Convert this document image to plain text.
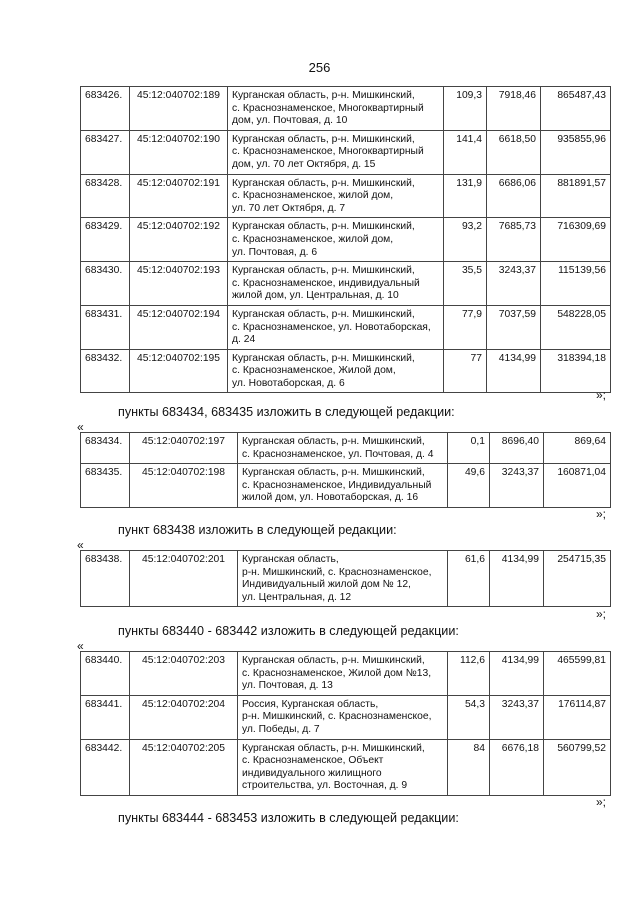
256
683426.	45:12:040702:189	Курганская область, р-н. Мишкинский,
с. Краснознаменское, Многоквартирный
дом, ул. Почтовая, д. 10	109,3	7918,46	865487,43
683427.	45:12:040702:190	Курганская область, р-н. Мишкинский,
с. Краснознаменское, Многоквартирный
дом, ул. 70 лет Октября, д. 15	141,4	6618,50	935855,96
683428.	45:12:040702:191	Курганская область, р-н. Мишкинский,
с. Краснознаменское, жилой дом,
ул. 70 лет Октября, д. 7	131,9	6686,06	881891,57
683429.	45:12:040702:192	Курганская область, р-н. Мишкинский,
с. Краснознаменское, жилой дом,
ул. Почтовая, д. 6	93,2	7685,73	716309,69
683430.	45:12:040702:193	Курганская область, р-н. Мишкинский,
с. Краснознаменское, индивидуальный
жилой дом, ул. Центральная, д. 10	35,5	3243,37	115139,56
683431.	45:12:040702:194	Курганская область, р-н. Мишкинский,
с. Краснознаменское, ул. Новотаборская,
д. 24	77,9	7037,59	548228,05
683432.	45:12:040702:195	Курганская область, р-н. Мишкинский,
с. Краснознаменское, Жилой дом,
ул. Новотаборская, д. 6	77	4134,99	318394,18
»;
пункты 683434, 683435 изложить в следующей редакции:
«
683434.	45:12:040702:197	Курганская область, р-н. Мишкинский,
с. Краснознаменское, ул. Почтовая, д. 4	0,1	8696,40	869,64
683435.	45:12:040702:198	Курганская область, р-н. Мишкинский,
с. Краснознаменское, Индивидуальный
жилой дом, ул. Новотаборская, д. 16	49,6	3243,37	160871,04
»;
пункт 683438 изложить в следующей редакции:
«
683438.	45:12:040702:201	Курганская область,
р-н. Мишкинский, с. Краснознаменское,
Индивидуальный жилой дом № 12,
ул. Центральная, д. 12
	61,6	4134,99	254715,35
»;
пункты 683440 - 683442 изложить в следующей редакции:
«
683440.	45:12:040702:203	Курганская область, р-н. Мишкинский,
с. Краснознаменское, Жилой дом №13,
ул. Почтовая, д. 13	112,6	4134,99	465599,81
683441.	45:12:040702:204	Россия, Курганская область,
р-н. Мишкинский, с. Краснознаменское,
ул. Победы, д. 7	54,3	3243,37	176114,87
683442.	45:12:040702:205	Курганская область, р-н. Мишкинский,
с. Краснознаменское, Объект
индивидуального жилищного
строительства, ул. Восточная, д. 9	84	6676,18	560799,52
»;
пункты 683444 - 683453 изложить в следующей редакции:
